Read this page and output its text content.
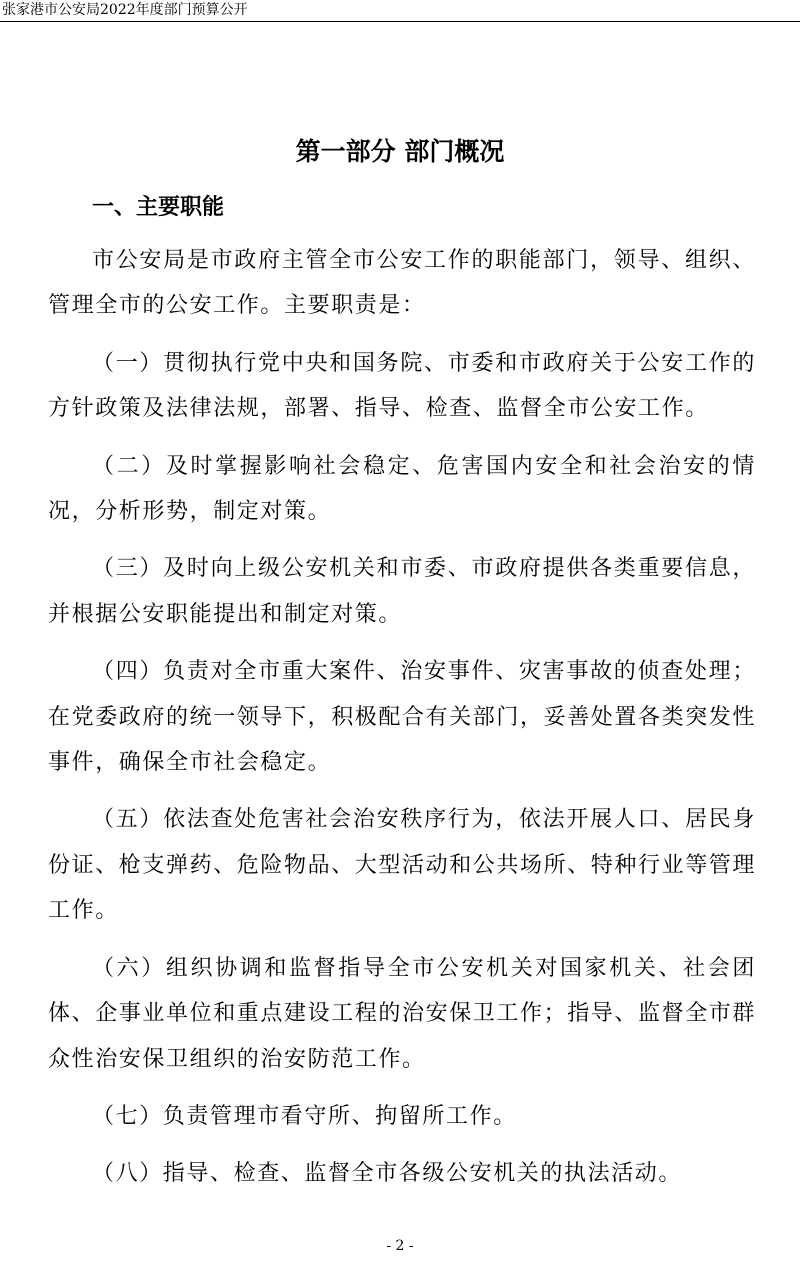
张家港市公安局2022年度部门预算公开
第一部分 部门概况
一、主要职能

市公安局是市政府主管全市公安工作的职能部门，领导、组织、管理全市的公安工作。主要职责是：

（一）贯彻执行党中央和国务院、市委和市政府关于公安工作的方针政策及法律法规，部署、指导、检查、监督全市公安工作。

（二）及时掌握影响社会稳定、危害国内安全和社会治安的情况，分析形势，制定对策。

（三）及时向上级公安机关和市委、市政府提供各类重要信息，并根据公安职能提出和制定对策。

（四）负责对全市重大案件、治安事件、灾害事故的侦查处理；在党委政府的统一领导下，积极配合有关部门，妥善处置各类突发性事件，确保全市社会稳定。

（五）依法查处危害社会治安秩序行为，依法开展人口、居民身份证、枪支弹药、危险物品、大型活动和公共场所、特种行业等管理工作。

（六）组织协调和监督指导全市公安机关对国家机关、社会团体、企事业单位和重点建设工程的治安保卫工作；指导、监督全市群众性治安保卫组织的治安防范工作。

（七）负责管理市看守所、拘留所工作。

（八）指导、检查、监督全市各级公安机关的执法活动。

- 2 -
